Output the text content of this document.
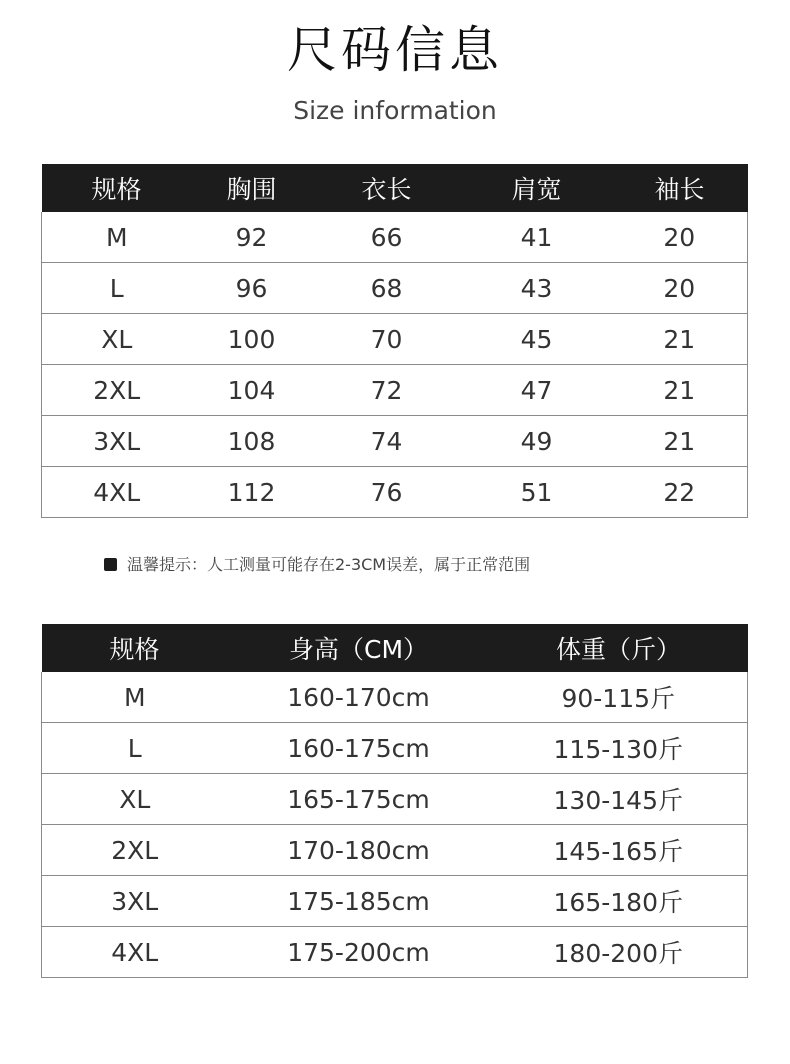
尺码信息
Size information
规格	胸围	衣长	肩宽	袖长
M	92	66	41	20
L	96	68	43	20
XL	100	70	45	21
2XL	104	72	47	21
3XL	108	74	49	21
4XL	112	76	51	22
温馨提示：人工测量可能存在2-3CM误差，属于正常范围
规格	身高（CM）	体重（斤）
M	160-170cm	90-115斤
L	160-175cm	115-130斤
XL	165-175cm	130-145斤
2XL	170-180cm	145-165斤
3XL	175-185cm	165-180斤
4XL	175-200cm	180-200斤
